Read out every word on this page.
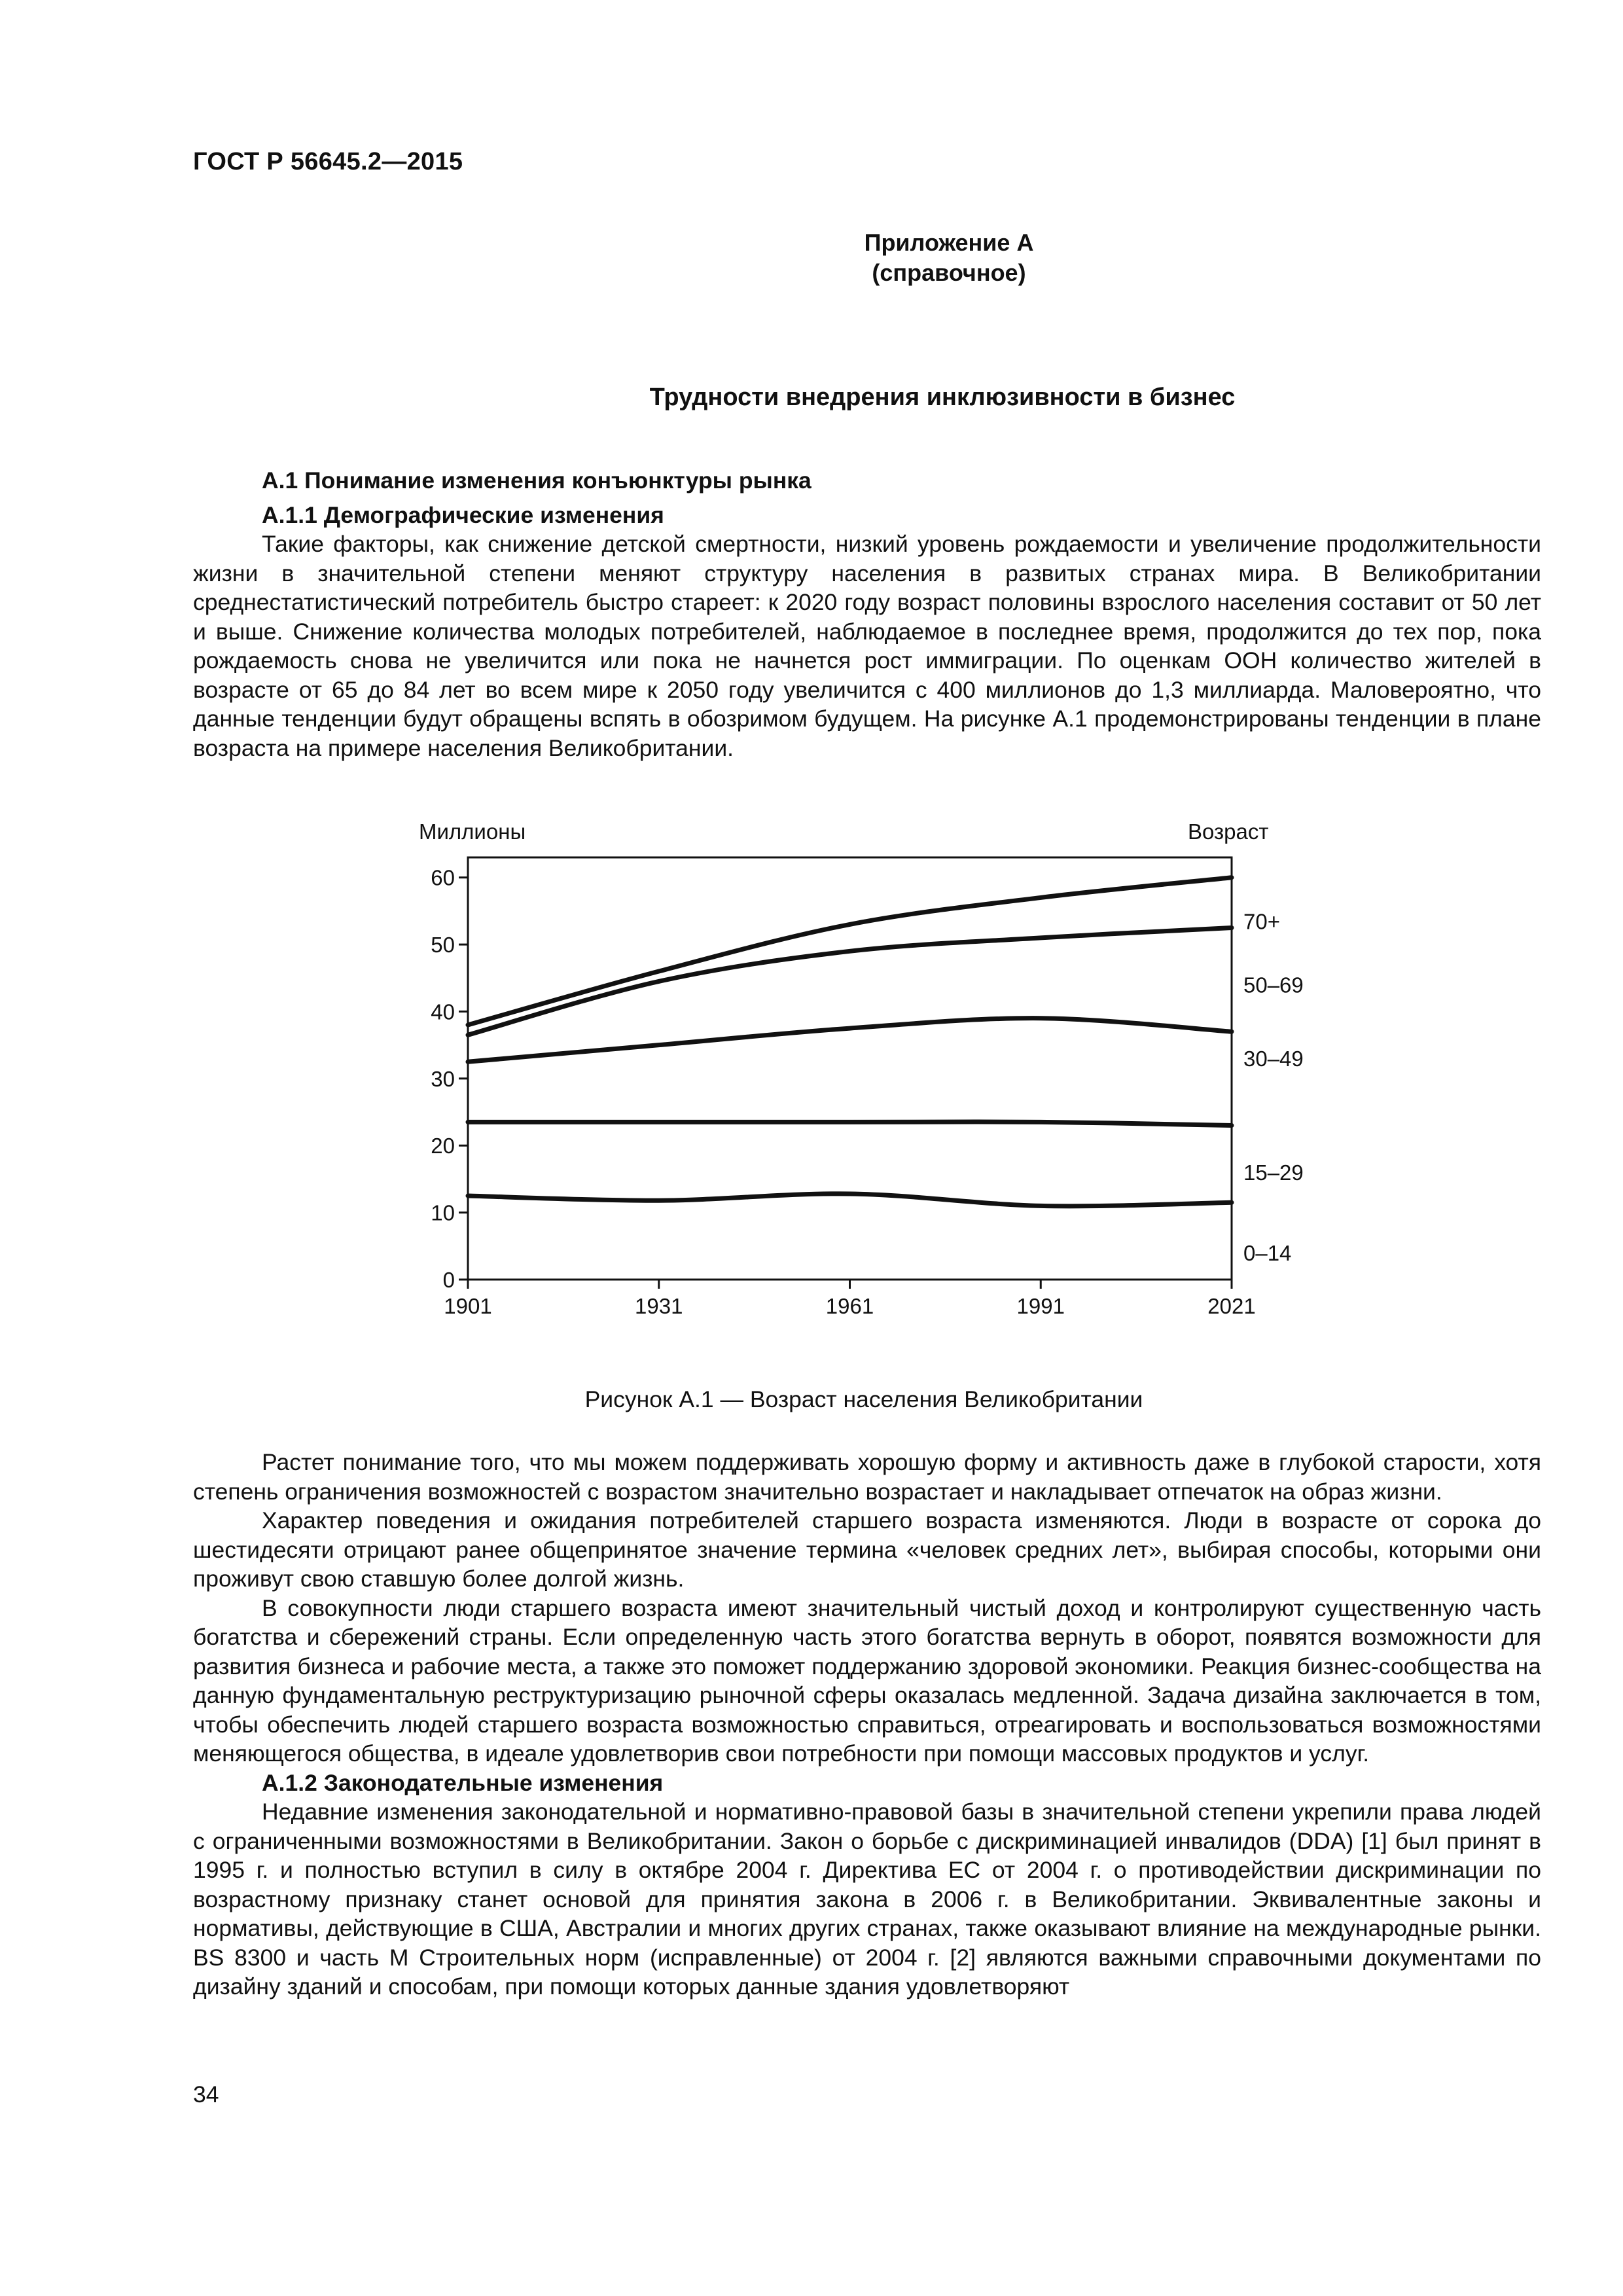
ГОСТ Р 56645.2—2015
Приложение А
(справочное)
Трудности внедрения инклюзивности в бизнес
А.1 Понимание изменения конъюнктуры рынка
А.1.1 Демографические изменения

Такие факторы, как снижение детской смертности, низкий уровень рождаемости и увеличение продолжительности жизни в значительной степени меняют структуру населения в развитых странах мира. В Великобритании среднестатистический потребитель быстро стареет: к 2020 году возраст половины взрослого населения составит от 50 лет и выше. Снижение количества молодых потребителей, наблюдаемое в последнее время, продолжится до тех пор, пока рождаемость снова не увеличится или пока не начнется рост иммиграции. По оценкам ООН количество жителей в возрасте от 65 до 84 лет во всем мире к 2050 году увеличится с 400 миллионов до 1,3 миллиарда. Маловероятно, что данные тенденции будут обращены вспять в обозримом будущем. На рисунке А.1 продемонстрированы тенденции в плане возраста на примере населения Великобритании.

Миллионы	Возраст
0
10
20
30
40
50
60
1901	1931	1961	1991	2021
70+
50–69
30–49
15–29
0–14
Рисунок А.1 — Возраст населения Великобритании

Растет понимание того, что мы можем поддерживать хорошую форму и активность даже в глубокой старости, хотя степень ограничения возможностей с возрастом значительно возрастает и накладывает отпечаток на образ жизни.

Характер поведения и ожидания потребителей старшего возраста изменяются. Люди в возрасте от сорока до шестидесяти отрицают ранее общепринятое значение термина «человек средних лет», выбирая способы, которыми они проживут свою ставшую более долгой жизнь.

В совокупности люди старшего возраста имеют значительный чистый доход и контролируют существенную часть богатства и сбережений страны. Если определенную часть этого богатства вернуть в оборот, появятся возможности для развития бизнеса и рабочие места, а также это поможет поддержанию здоровой экономики. Реакция бизнес-сообщества на данную фундаментальную реструктуризацию рыночной сферы оказалась медленной. Задача дизайна заключается в том, чтобы обеспечить людей старшего возраста возможностью справиться, отреагировать и воспользоваться возможностями меняющегося общества, в идеале удовлетворив свои потребности при помощи массовых продуктов и услуг.

А.1.2 Законодательные изменения

Недавние изменения законодательной и нормативно-правовой базы в значительной степени укрепили права людей с ограниченными возможностями в Великобритании. Закон о борьбе с дискриминацией инвалидов (DDA) [1] был принят в 1995 г. и полностью вступил в силу в октябре 2004 г. Директива ЕС от 2004 г. о противодействии дискриминации по возрастному признаку станет основой для принятия закона в 2006 г. в Великобритании. Эквивалентные законы и нормативы, действующие в США, Австралии и многих других странах, также оказывают влияние на международные рынки. BS 8300 и часть М Строительных норм (исправленные) от 2004 г. [2] являются важными справочными документами по дизайну зданий и способам, при помощи которых данные здания удовлетворяют

34
